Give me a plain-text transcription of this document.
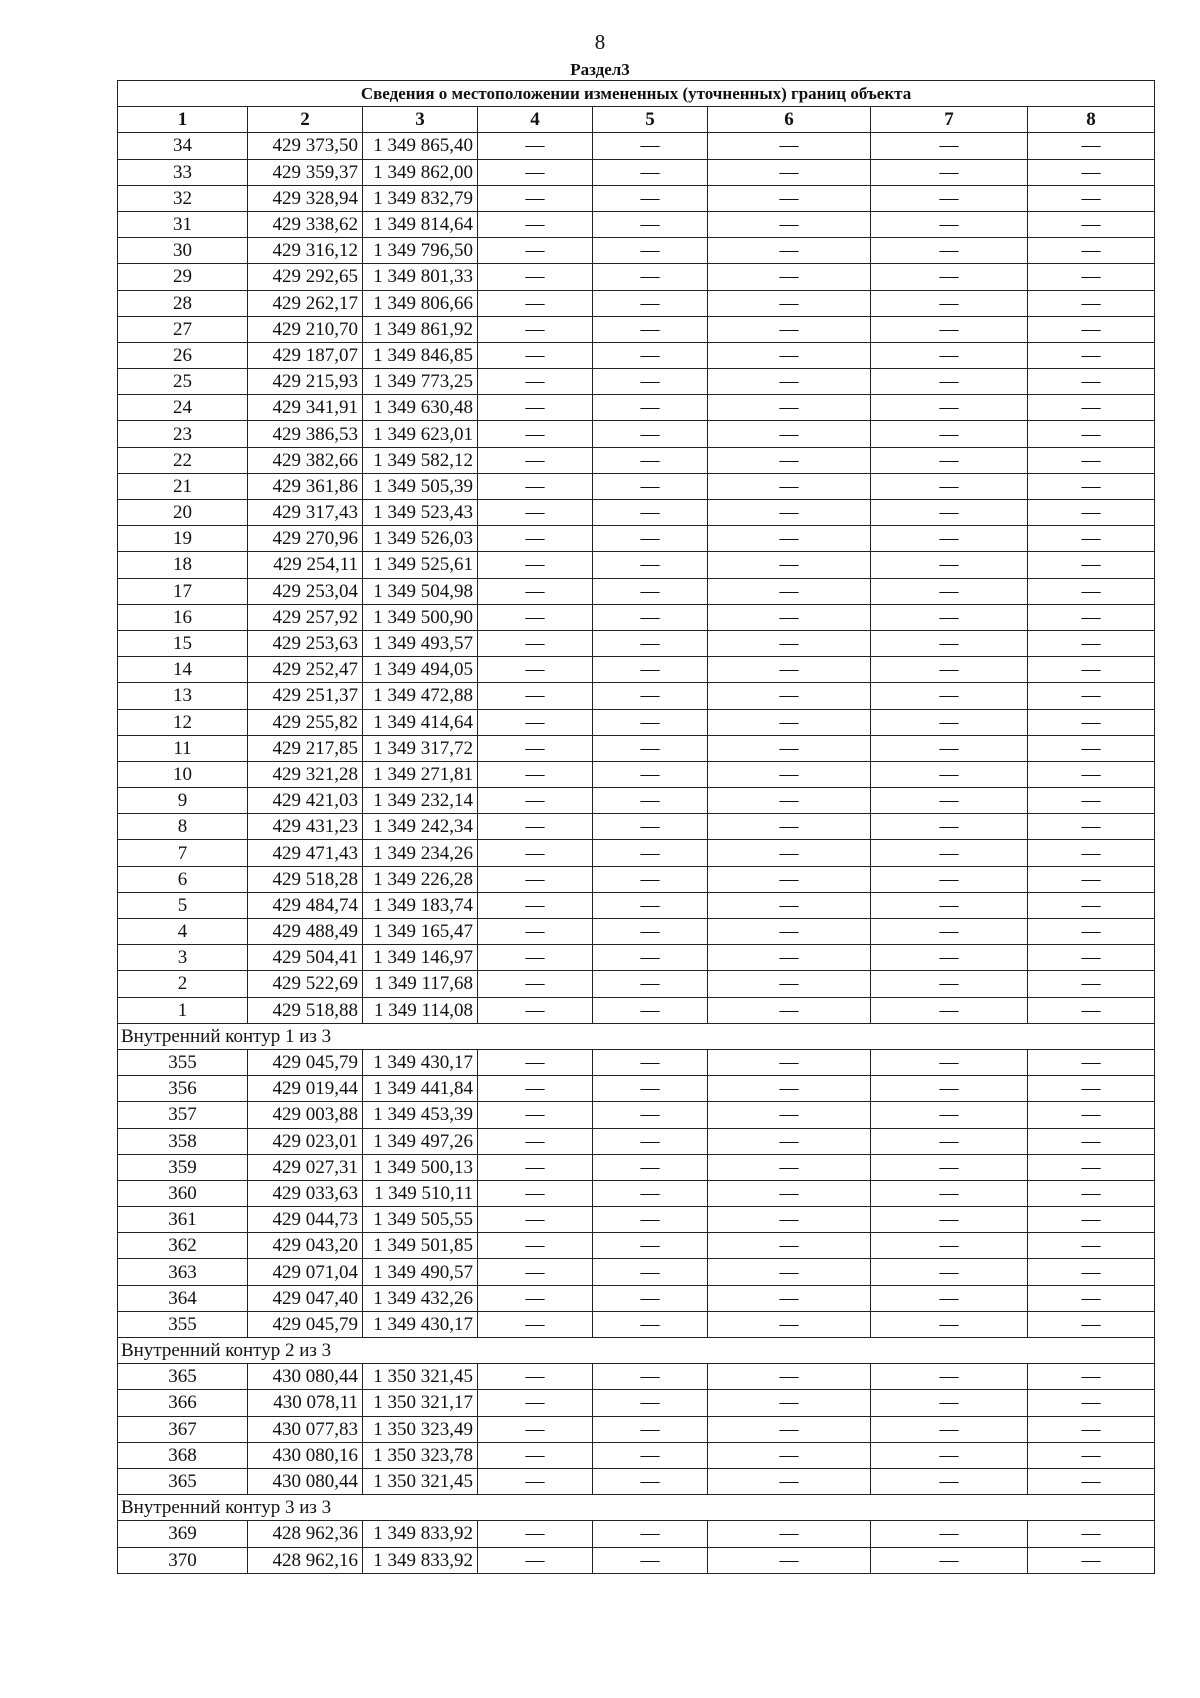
8
Раздел3
Сведения о местоположении измененных (уточненных) границ объекта							
1	2	3	4	5	6	7	8
34	429 373,50	1 349 865,40	—	—	—	—	—
33	429 359,37	1 349 862,00	—	—	—	—	—
32	429 328,94	1 349 832,79	—	—	—	—	—
31	429 338,62	1 349 814,64	—	—	—	—	—
30	429 316,12	1 349 796,50	—	—	—	—	—
29	429 292,65	1 349 801,33	—	—	—	—	—
28	429 262,17	1 349 806,66	—	—	—	—	—
27	429 210,70	1 349 861,92	—	—	—	—	—
26	429 187,07	1 349 846,85	—	—	—	—	—
25	429 215,93	1 349 773,25	—	—	—	—	—
24	429 341,91	1 349 630,48	—	—	—	—	—
23	429 386,53	1 349 623,01	—	—	—	—	—
22	429 382,66	1 349 582,12	—	—	—	—	—
21	429 361,86	1 349 505,39	—	—	—	—	—
20	429 317,43	1 349 523,43	—	—	—	—	—
19	429 270,96	1 349 526,03	—	—	—	—	—
18	429 254,11	1 349 525,61	—	—	—	—	—
17	429 253,04	1 349 504,98	—	—	—	—	—
16	429 257,92	1 349 500,90	—	—	—	—	—
15	429 253,63	1 349 493,57	—	—	—	—	—
14	429 252,47	1 349 494,05	—	—	—	—	—
13	429 251,37	1 349 472,88	—	—	—	—	—
12	429 255,82	1 349 414,64	—	—	—	—	—
11	429 217,85	1 349 317,72	—	—	—	—	—
10	429 321,28	1 349 271,81	—	—	—	—	—
9	429 421,03	1 349 232,14	—	—	—	—	—
8	429 431,23	1 349 242,34	—	—	—	—	—
7	429 471,43	1 349 234,26	—	—	—	—	—
6	429 518,28	1 349 226,28	—	—	—	—	—
5	429 484,74	1 349 183,74	—	—	—	—	—
4	429 488,49	1 349 165,47	—	—	—	—	—
3	429 504,41	1 349 146,97	—	—	—	—	—
2	429 522,69	1 349 117,68	—	—	—	—	—
1	429 518,88	1 349 114,08	—	—	—	—	—
Внутренний контур 1 из 3							
355	429 045,79	1 349 430,17	—	—	—	—	—
356	429 019,44	1 349 441,84	—	—	—	—	—
357	429 003,88	1 349 453,39	—	—	—	—	—
358	429 023,01	1 349 497,26	—	—	—	—	—
359	429 027,31	1 349 500,13	—	—	—	—	—
360	429 033,63	1 349 510,11	—	—	—	—	—
361	429 044,73	1 349 505,55	—	—	—	—	—
362	429 043,20	1 349 501,85	—	—	—	—	—
363	429 071,04	1 349 490,57	—	—	—	—	—
364	429 047,40	1 349 432,26	—	—	—	—	—
355	429 045,79	1 349 430,17	—	—	—	—	—
Внутренний контур 2 из 3							
365	430 080,44	1 350 321,45	—	—	—	—	—
366	430 078,11	1 350 321,17	—	—	—	—	—
367	430 077,83	1 350 323,49	—	—	—	—	—
368	430 080,16	1 350 323,78	—	—	—	—	—
365	430 080,44	1 350 321,45	—	—	—	—	—
Внутренний контур 3 из 3							
369	428 962,36	1 349 833,92	—	—	—	—	—
370	428 962,16	1 349 833,92	—	—	—	—	—
